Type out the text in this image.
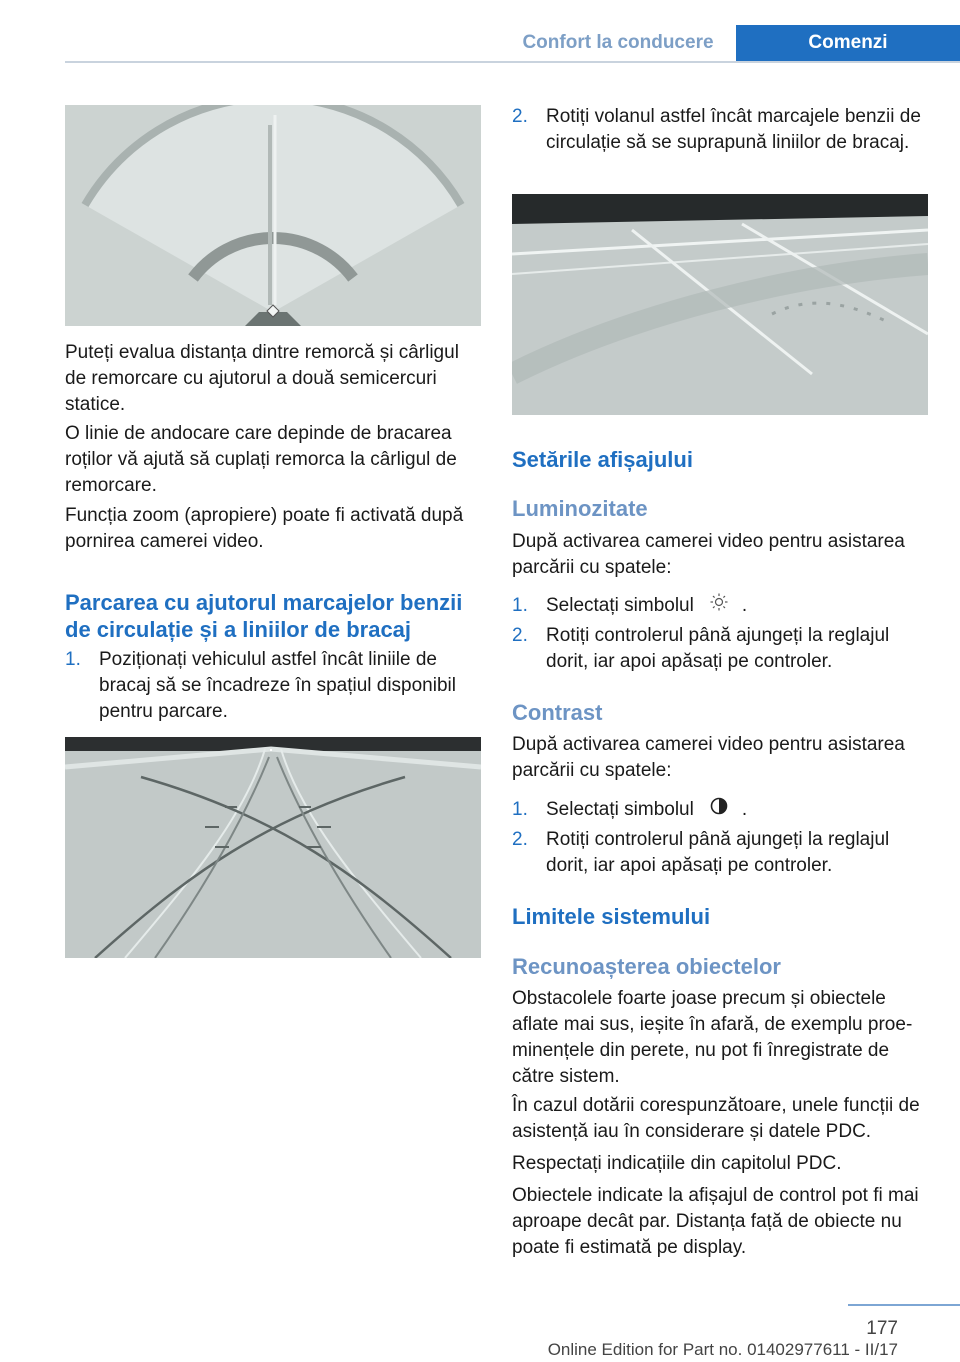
Confort la conducere	Comenzi

Puteți evalua distanța dintre remorcă și cârligul de remorcare cu ajutorul a două semicercuri statice.

O linie de andocare care depinde de bracarea roților vă ajută să cuplați remorca la cârligul de remorcare.

Funcția zoom (apropiere) poate fi activată după pornirea camerei video.

Parcarea cu ajutorul marcajelor benzii de circulație și a liniilor de bracaj
1. Poziționați vehiculul astfel încât liniile de bracaj să se încadreze în spațiul disponibil pentru parcare.
2. Rotiți volanul astfel încât marcajele benzii de circulație să se suprapună liniilor de bracaj.
Setările afișajului
Luminozitate

După activarea camerei video pentru asistarea parcării cu spatele:

1. Selectați simbolul	.
2. Rotiți controlerul până ajungeți la reglajul dorit, iar apoi apăsați pe controler.
Contrast

După activarea camerei video pentru asistarea parcării cu spatele:

1. Selectați simbolul	.
2. Rotiți controlerul până ajungeți la reglajul dorit, iar apoi apăsați pe controler.
Limitele sistemului
Recunoașterea obiectelor

Obstacolele foarte joase precum și obiectele aflate mai sus, ieșite în afară, de exemplu proeminențele din perete, nu pot fi înregistrate de către sistem.

În cazul dotării corespunzătoare, unele funcții de asistență iau în considerare și datele PDC.

Respectați indicațiile din capitolul PDC.

Obiectele indicate la afișajul de control pot fi mai aproape decât par. Distanța față de obiecte nu poate fi estimată pe display.

177
Online Edition for Part no. 01402977611 - II/17
